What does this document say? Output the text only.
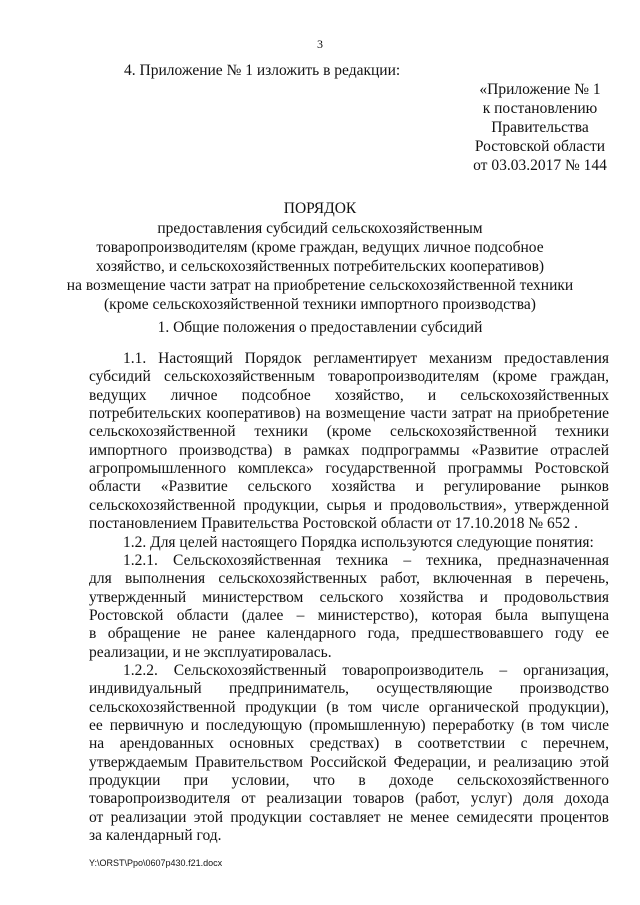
3
4. Приложение № 1 изложить в редакции:
«Приложение № 1
к постановлению
Правительства
Ростовской области
от 03.03.2017 № 144
ПОРЯДОК
предоставления субсидий сельскохозяйственным
товаропроизводителям (кроме граждан, ведущих личное подсобное
хозяйство, и сельскохозяйственных потребительских кооперативов)
на возмещение части затрат на приобретение сельскохозяйственной техники
(кроме сельскохозяйственной техники импортного производства)
1. Общие положения о предоставлении субсидий
1.1. Настоящий Порядок регламентирует механизм предоставления
субсидий сельскохозяйственным товаропроизводителям (кроме граждан,
ведущих личное подсобное хозяйство, и сельскохозяйственных
потребительских кооперативов) на возмещение части затрат на приобретение
сельскохозяйственной техники (кроме сельскохозяйственной техники
импортного производства) в рамках подпрограммы «Развитие отраслей
агропромышленного комплекса» государственной программы Ростовской
области «Развитие сельского хозяйства и регулирование рынков
сельскохозяйственной продукции, сырья и продовольствия», утвержденной
постановлением Правительства Ростовской области от 17.10.2018 № 652 .
1.2. Для целей настоящего Порядка используются следующие понятия:
1.2.1. Сельскохозяйственная техника – техника, предназначенная
для выполнения сельскохозяйственных работ, включенная в перечень,
утвержденный министерством сельского хозяйства и продовольствия
Ростовской области (далее – министерство), которая была выпущена
в обращение не ранее календарного года, предшествовавшего году ее
реализации, и не эксплуатировалась.
1.2.2. Сельскохозяйственный товаропроизводитель – организация,
индивидуальный предприниматель, осуществляющие производство
сельскохозяйственной продукции (в том числе органической продукции),
ее первичную и последующую (промышленную) переработку (в том числе
на арендованных основных средствах) в соответствии с перечнем,
утверждаемым Правительством Российской Федерации, и реализацию этой
продукции при условии, что в доходе сельскохозяйственного
товаропроизводителя от реализации товаров (работ, услуг) доля дохода
от реализации этой продукции составляет не менее семидесяти процентов
за календарный год.
Y:\ORST\Ppo\0607p430.f21.docx
